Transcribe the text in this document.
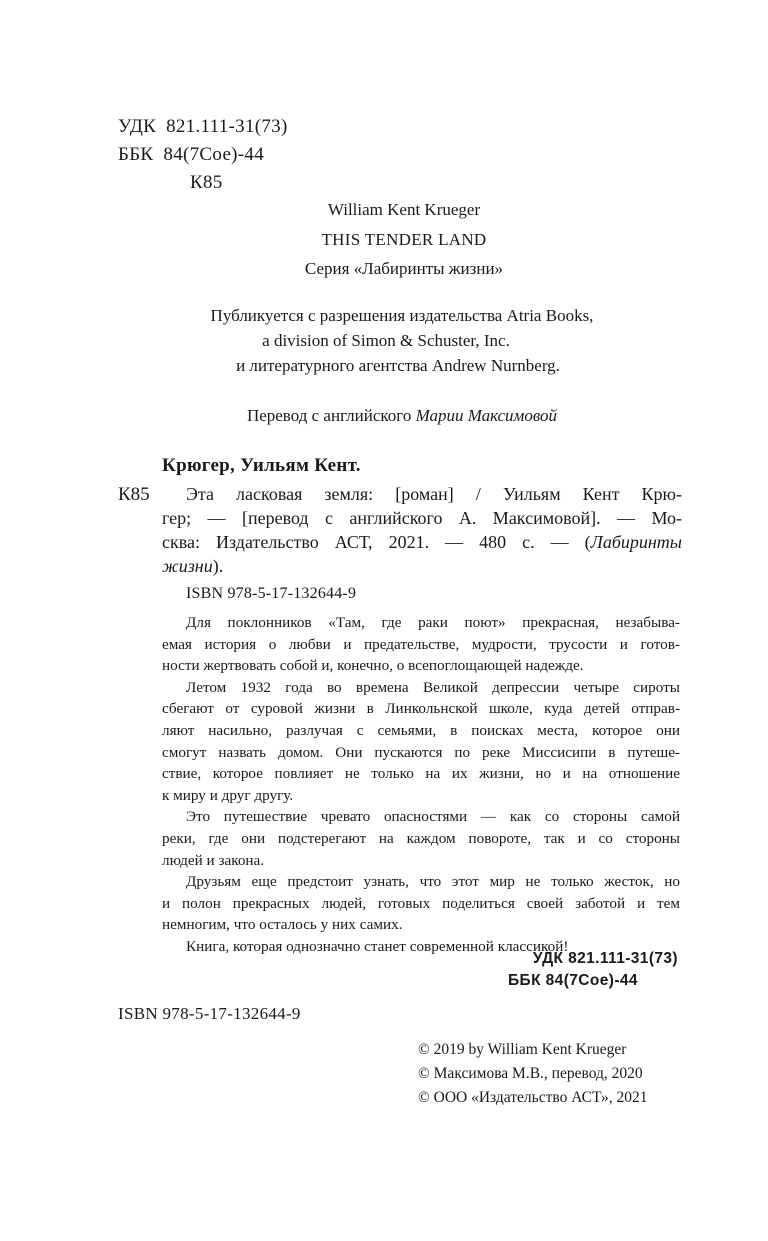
УДК 821.111-31(73)
ББК 84(7Сое)-44
К85
William Kent Krueger
THIS TENDER LAND
Серия «Лабиринты жизни»
Публикуется с разрешения издательства Atria Books,
a division of Simon & Schuster, Inc.
и литературного агентства Andrew Nurnberg.
Перевод с английского Марии Максимовой
Крюгер, Уильям Кент.
К85	Эта ласковая земля: [роман] / Уильям Кент Крю-
гер; — [перевод с английского А. Максимовой]. — Мо-
сква: Издательство АСТ, 2021. — 480 с. — (Лабиринты
жизни).
ISBN 978-5-17-132644-9
Для поклонников «Там, где раки поют» прекрасная, незабыва-
емая история о любви и предательстве, мудрости, трусости и готов-
ности жертвовать собой и, конечно, о всепоглощающей надежде.
Летом 1932 года во времена Великой депрессии четыре сироты
сбегают от суровой жизни в Линкольнской школе, куда детей отправ-
ляют насильно, разлучая с семьями, в поисках места, которое они
смогут назвать домом. Они пускаются по реке Миссисипи в путеше-
ствие, которое повлияет не только на их жизни, но и на отношение
к миру и друг другу.
Это путешествие чревато опасностями — как со стороны самой
реки, где они подстерегают на каждом повороте, так и со стороны
людей и закона.
Друзьям еще предстоит узнать, что этот мир не только жесток, но
и полон прекрасных людей, готовых поделиться своей заботой и тем
немногим, что осталось у них самих.
Книга, которая однозначно станет современной классикой!
УДК 821.111-31(73)
ББК 84(7Сое)-44
ISBN 978-5-17-132644-9
© 2019 by William Kent Krueger
© Максимова М.В., перевод, 2020
© ООО «Издательство АСТ», 2021
